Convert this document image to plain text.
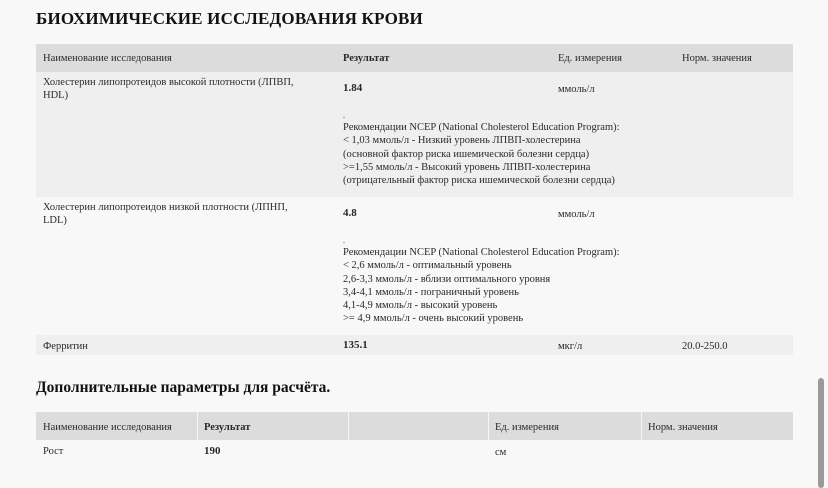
БИОХИМИЧЕСКИЕ ИССЛЕДОВАНИЯ КРОВИ
Наименование исследования	Результат	Ед. измерения	Норм. значения
Холестерин липопротеидов высокой плотности (ЛПВП,
HDL)
1.84	ммоль/л
.
Рекомендации NCEP (National Cholesterol Education Program):
< 1,03 ммоль/л - Низкий уровень ЛПВП-холестерина
(основной фактор риска ишемической болезни сердца)
>=1,55 ммоль/л - Высокий уровень ЛПВП-холестерина
(отрицательный фактор риска ишемической болезни сердца)
Холестерин липопротеидов низкой плотности (ЛПНП,
LDL)
4.8	ммоль/л
.
Рекомендации NCEP (National Cholesterol Education Program):
< 2,6 ммоль/л - оптимальный уровень
2,6-3,3 ммоль/л - вблизи оптимального уровня
3,4-4,1 ммоль/л - пограничный уровень
4,1-4,9 ммоль/л - высокий уровень
>= 4,9 ммоль/л - очень высокий уровень
Ферритин	135.1	мкг/л	20.0-250.0
Дополнительные параметры для расчёта.
Наименование исследования	Результат	Ед. измерения	Норм. значения
Рост	190	см
